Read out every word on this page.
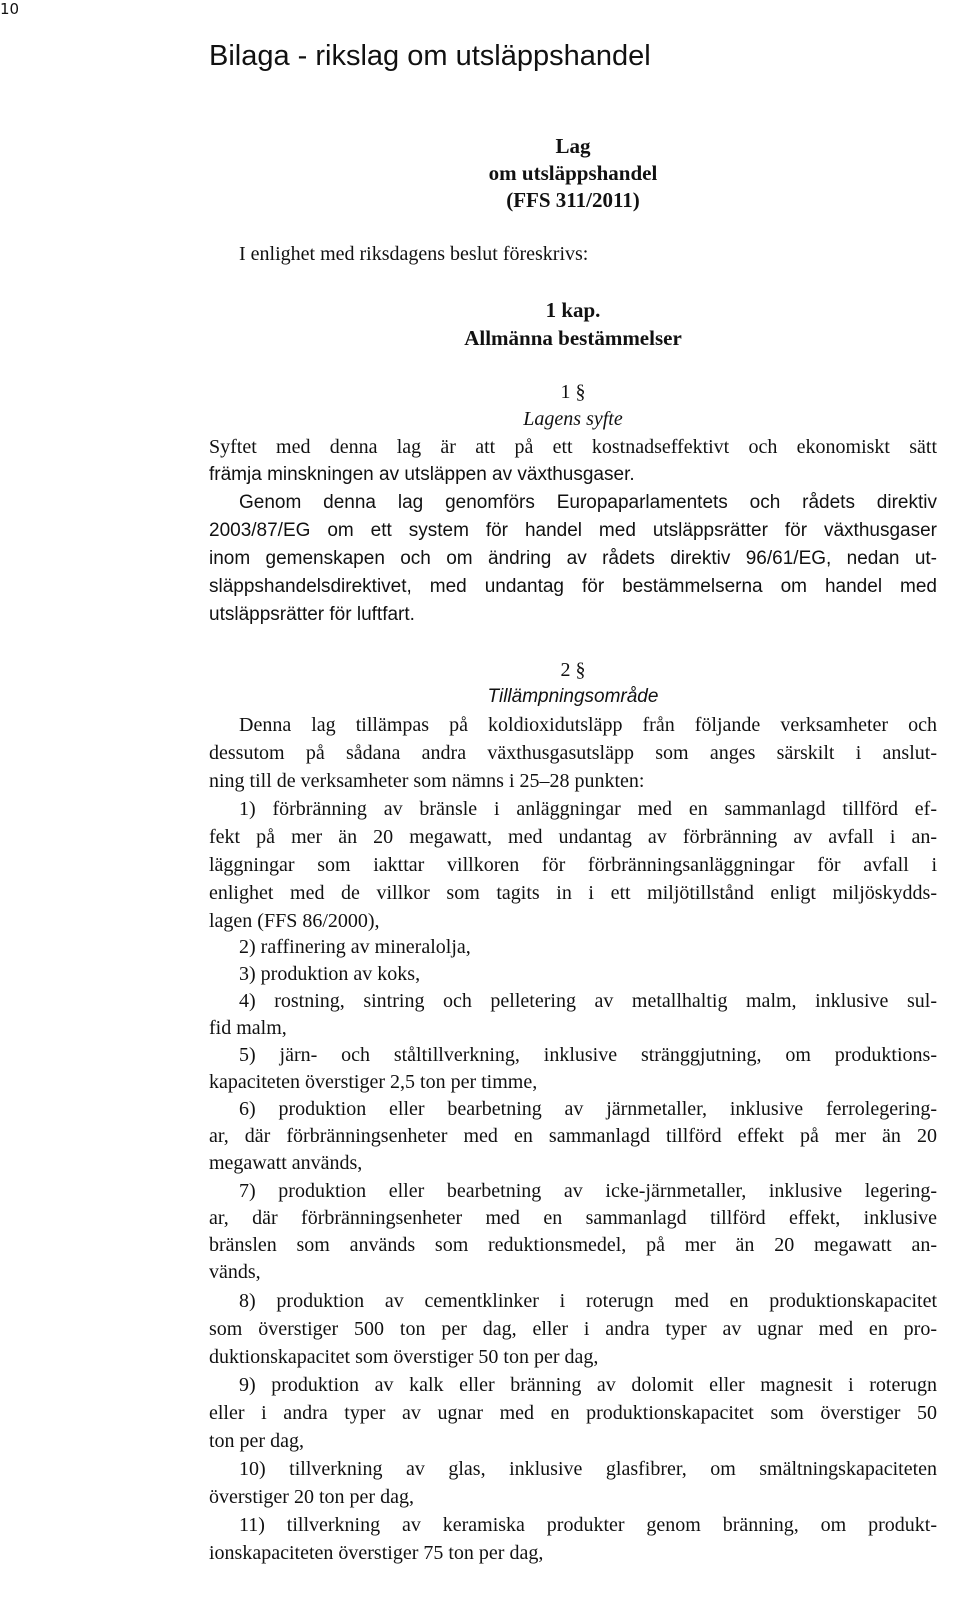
10
Bilaga - rikslag om utsläppshandel
Lag
om utsläppshandel
(FFS 311/2011)
I enlighet med riksdagens beslut föreskrivs:
1 kap.
Allmänna bestämmelser
1 §
Lagens syfte
Syftet med denna lag är att på ett kostnadseffektivt och ekonomiskt sätt
främja minskningen av utsläppen av växthusgaser.
Genom denna lag genomförs Europaparlamentets och rådets direktiv
2003/87/EG om ett system för handel med utsläppsrätter för växthusgaser
inom gemenskapen och om ändring av rådets direktiv 96/61/EG, nedan ut-
släppshandelsdirektivet, med undantag för bestämmelserna om handel med
utsläppsrätter för luftfart.
2 §
Tillämpningsområde
Denna lag tillämpas på koldioxidutsläpp från följande verksamheter och
dessutom på sådana andra växthusgasutsläpp som anges särskilt i anslut-
ning till de verksamheter som nämns i 25–28 punkten:
1) förbränning av bränsle i anläggningar med en sammanlagd tillförd ef-
fekt på mer än 20 megawatt, med undantag av förbränning av avfall i an-
läggningar som iakttar villkoren för förbränningsanläggningar för avfall i
enlighet med de villkor som tagits in i ett miljötillstånd enligt miljöskydds-
lagen (FFS 86/2000),
2) raffinering av mineralolja,
3) produktion av koks,
4) rostning, sintring och pelletering av metallhaltig malm, inklusive sul-
fid malm,
5) järn- och ståltillverkning, inklusive stränggjutning, om produktions-
kapaciteten överstiger 2,5 ton per timme,
6) produktion eller bearbetning av järnmetaller, inklusive ferrolegering-
ar, där förbränningsenheter med en sammanlagd tillförd effekt på mer än 20
megawatt används,
7) produktion eller bearbetning av icke-järnmetaller, inklusive legering-
ar, där förbränningsenheter med en sammanlagd tillförd effekt, inklusive
bränslen som används som reduktionsmedel, på mer än 20 megawatt an-
vänds,
8) produktion av cementklinker i roterugn med en produktionskapacitet
som överstiger 500 ton per dag, eller i andra typer av ugnar med en pro-
duktionskapacitet som överstiger 50 ton per dag,
9) produktion av kalk eller bränning av dolomit eller magnesit i roterugn
eller i andra typer av ugnar med en produktionskapacitet som överstiger 50
ton per dag,
10) tillverkning av glas, inklusive glasfibrer, om smältningskapaciteten
överstiger 20 ton per dag,
11) tillverkning av keramiska produkter genom bränning, om produkt-
ionskapaciteten överstiger 75 ton per dag,
